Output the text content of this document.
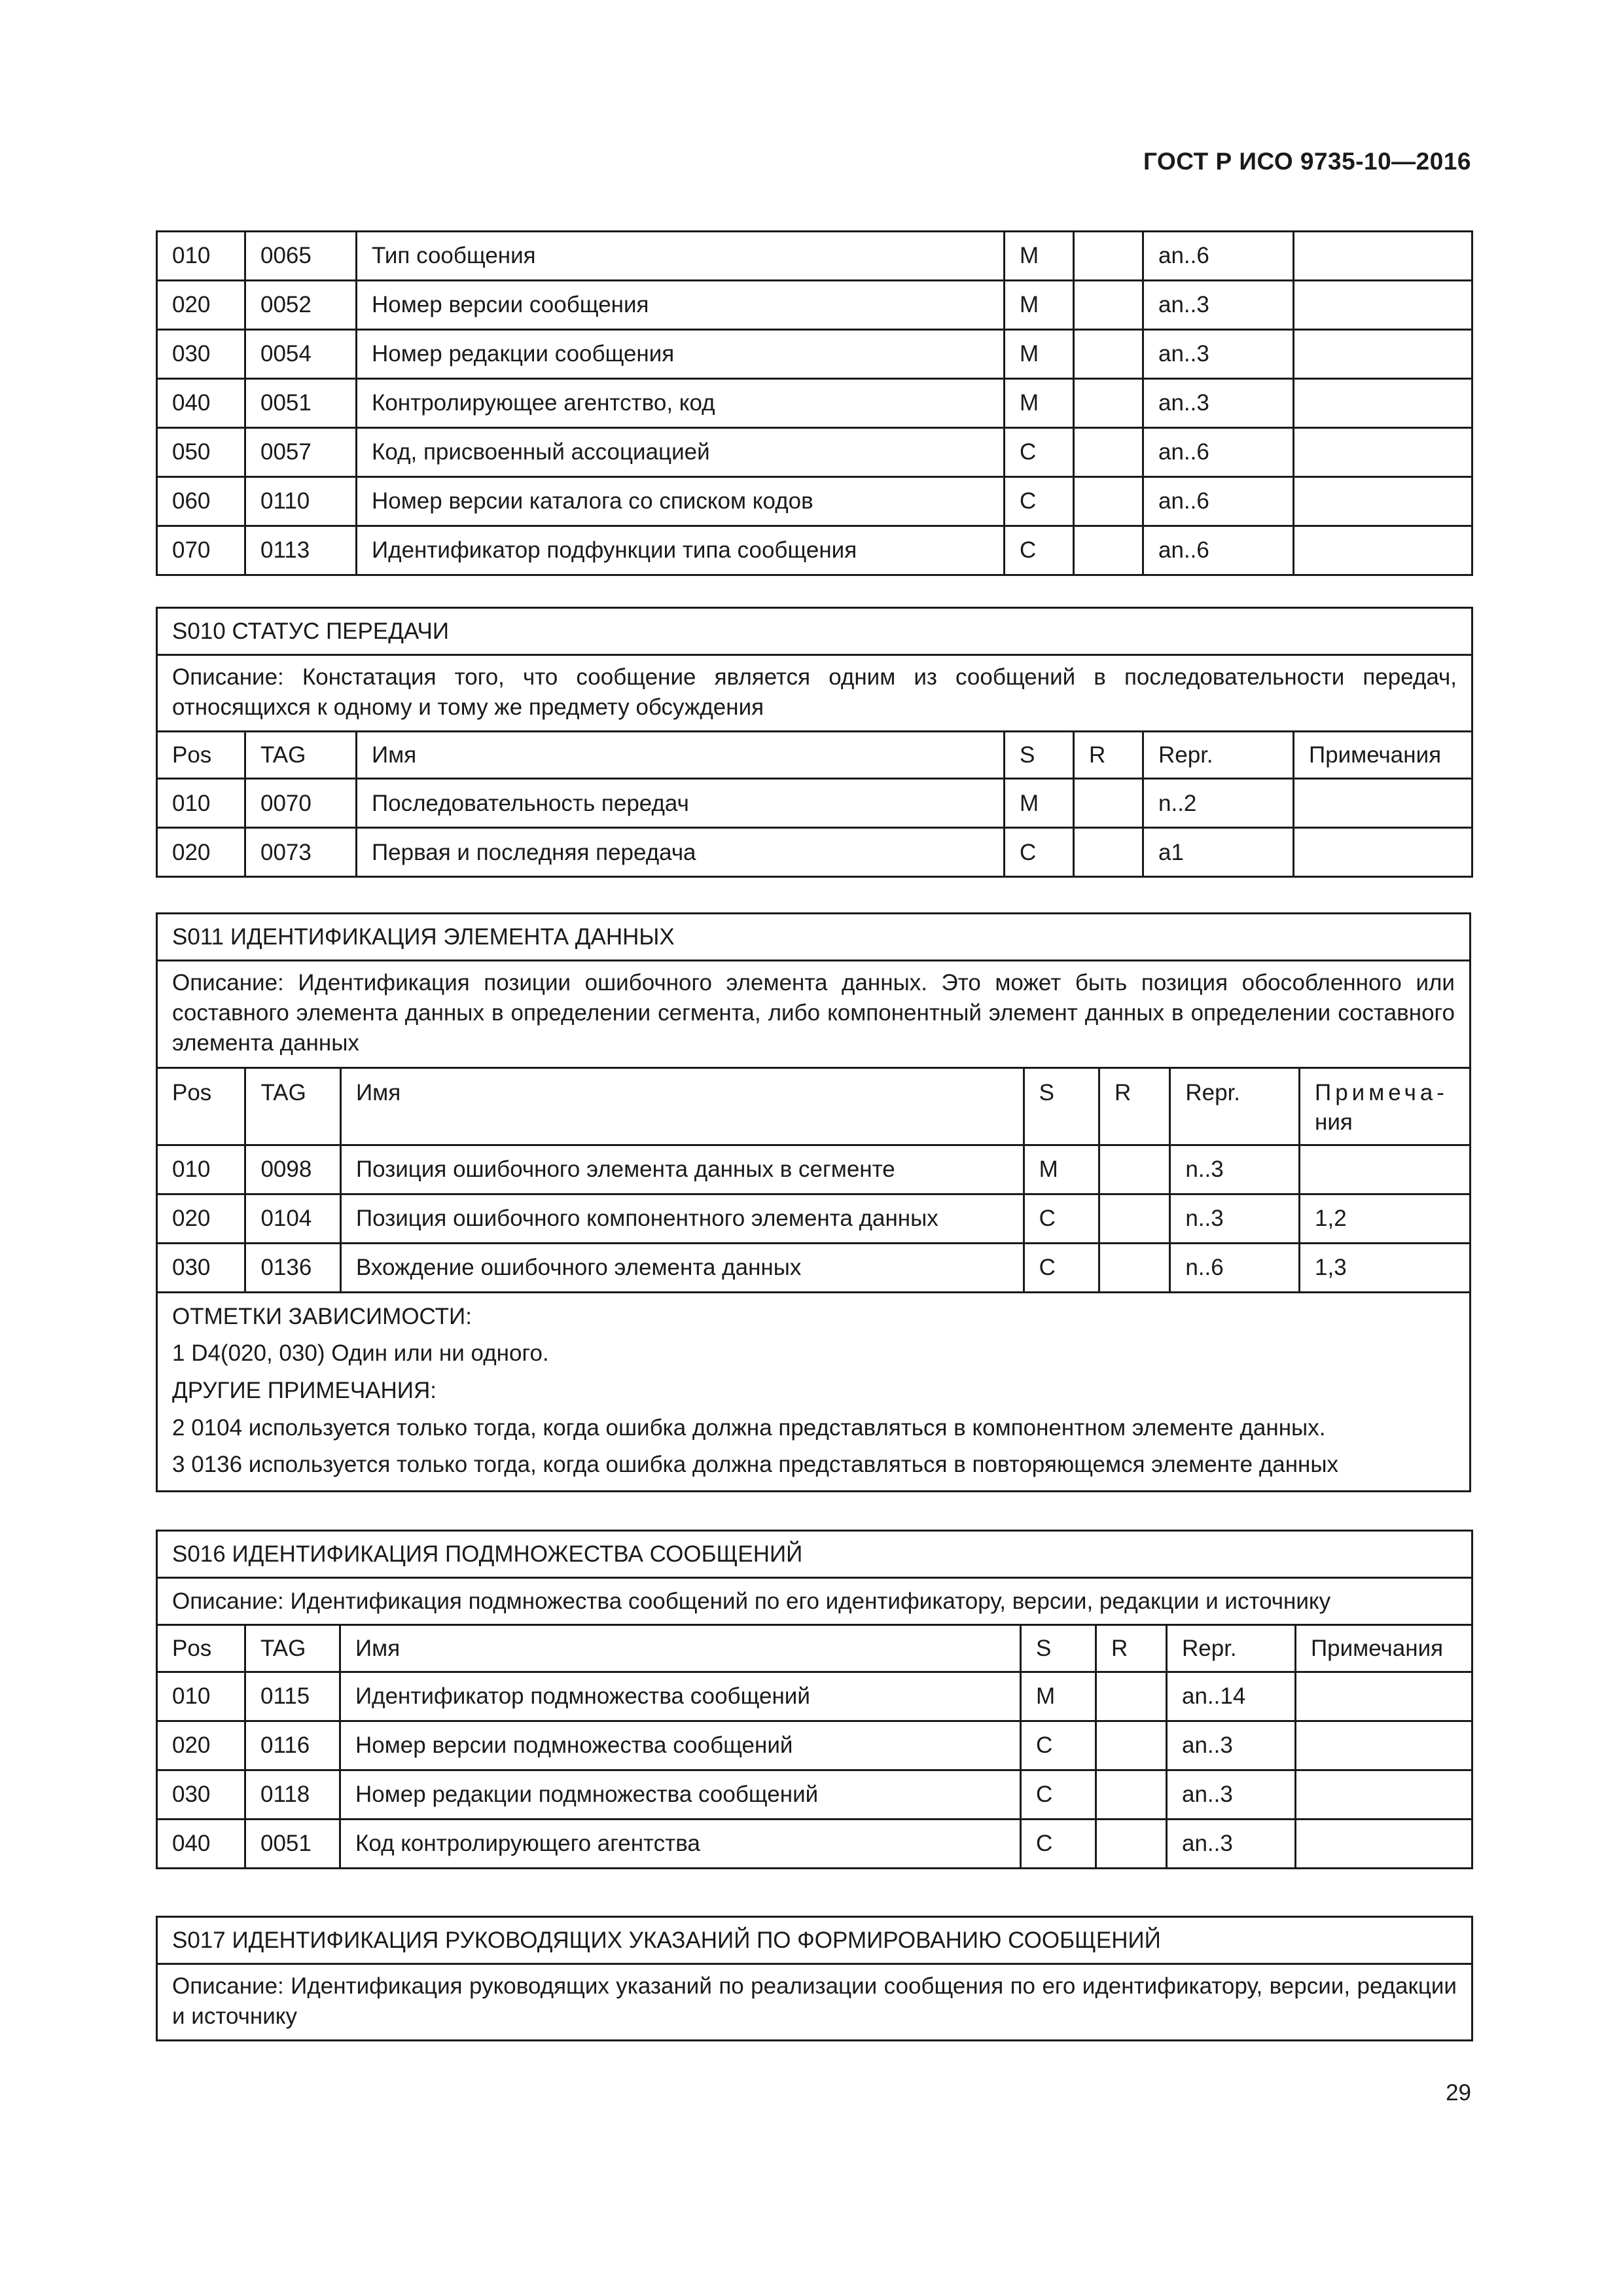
ГОСТ Р ИСО 9735-10—2016
010	0065	Тип сообщения	M		an..6	
020	0052	Номер версии сообщения	M		an..3	
030	0054	Номер редакции сообщения	M		an..3	
040	0051	Контролирующее агентство, код	M		an..3	
050	0057	Код, присвоенный ассоциацией	C		an..6	
060	0110	Номер версии каталога со списком кодов	C		an..6	
070	0113	Идентификатор подфункции типа сообщения	C		an..6	
S010 СТАТУС ПЕРЕДАЧИ						
Описание: Констатация того, что сообщение является одним из сообщений в последовательности передач, относящихся к одному и тому же предмету обсуждения						
Pos	TAG	Имя	S	R	Repr.	Примечания
010	0070	Последовательность передач	M		n..2	
020	0073	Первая и последняя передача	C		a1	
S011 ИДЕНТИФИКАЦИЯ ЭЛЕМЕНТА ДАННЫХ						
Описание: Идентификация позиции ошибочного элемента данных. Это может быть позиция обособленного или составного элемента данных в определении сегмента, либо компонентный элемент данных в определении составного элемента данных						
Pos	TAG	Имя	S	R	Repr.	Примеча-
ния

010	0098	Позиция ошибочного элемента данных в сегменте	M		n..3	
020	0104	Позиция ошибочного компонентного элемента данных	C		n..3	1,2
030	0136	Вхождение ошибочного элемента данных	C		n..6	1,3

ОТМЕТКИ ЗАВИСИМОСТИ:
1 D4(020, 030) Один или ни одного.
ДРУГИЕ ПРИМЕЧАНИЯ:
2 0104 используется только тогда, когда ошибка должна представляться в компонентном элементе данных.
3 0136 используется только тогда, когда ошибка должна представляться в повторяющемся элементе данных						
S016 ИДЕНТИФИКАЦИЯ ПОДМНОЖЕСТВА СООБЩЕНИЙ						
Описание: Идентификация подмножества сообщений по его идентификатору, версии, редакции и источнику						
Pos	TAG	Имя	S	R	Repr.	Примечания
010	0115	Идентификатор подмножества сообщений	M		an..14	
020	0116	Номер версии подмножества сообщений	C		an..3	
030	0118	Номер редакции подмножества сообщений	C		an..3	
040	0051	Код контролирующего агентства	C		an..3	
S017 ИДЕНТИФИКАЦИЯ РУКОВОДЯЩИХ УКАЗАНИЙ ПО ФОРМИРОВАНИЮ СООБЩЕНИЙ
Описание: Идентификация руководящих указаний по реализации сообщения по его идентификатору, версии, редакции и источнику
29
